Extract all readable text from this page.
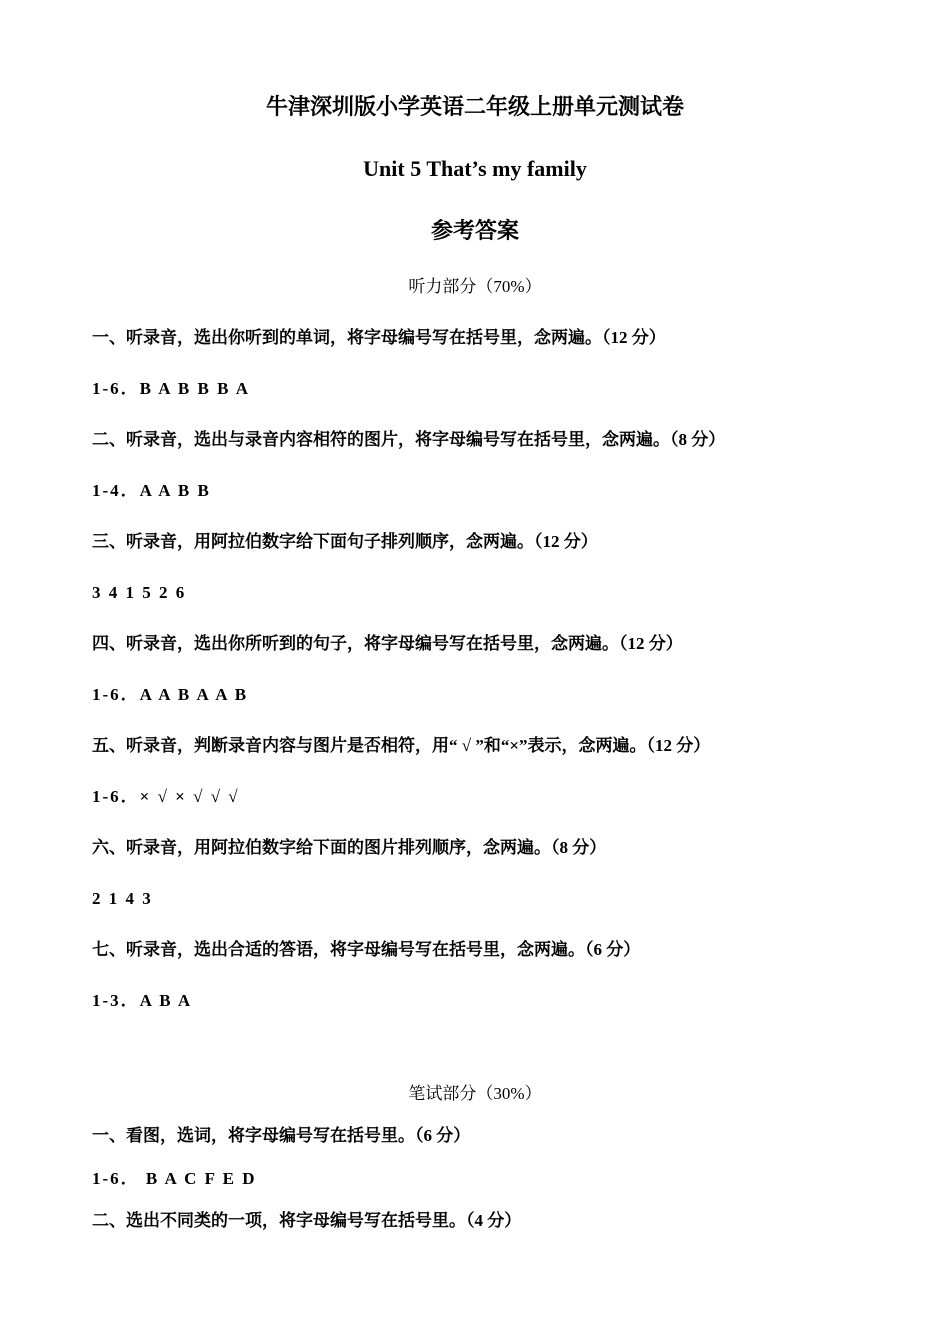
牛津深圳版小学英语二年级上册单元测试卷
Unit 5 That’s my family
参考答案
听力部分（70%）
一、听录音，选出你听到的单词，将字母编号写在括号里，念两遍。（12 分）
1-6．B A B B B A
二、听录音，选出与录音内容相符的图片，将字母编号写在括号里，念两遍。（8 分）
1-4．A A B B
三、听录音，用阿拉伯数字给下面句子排列顺序，念两遍。（12 分）
3 4 1 5 2 6
四、听录音，选出你所听到的句子，将字母编号写在括号里，念两遍。（12 分）
1-6．A A B A A B
五、听录音，判断录音内容与图片是否相符，用“ √ ”和“×”表示，念两遍。（12 分）
1-6．× √ × √ √ √
六、听录音，用阿拉伯数字给下面的图片排列顺序，念两遍。（8 分）
2 1 4 3
七、听录音，选出合适的答语，将字母编号写在括号里，念两遍。（6 分）
1-3．A B A
笔试部分（30%）
一、看图，选词，将字母编号写在括号里。（6 分）
1-6． B A C F E D
二、选出不同类的一项，将字母编号写在括号里。（4 分）
